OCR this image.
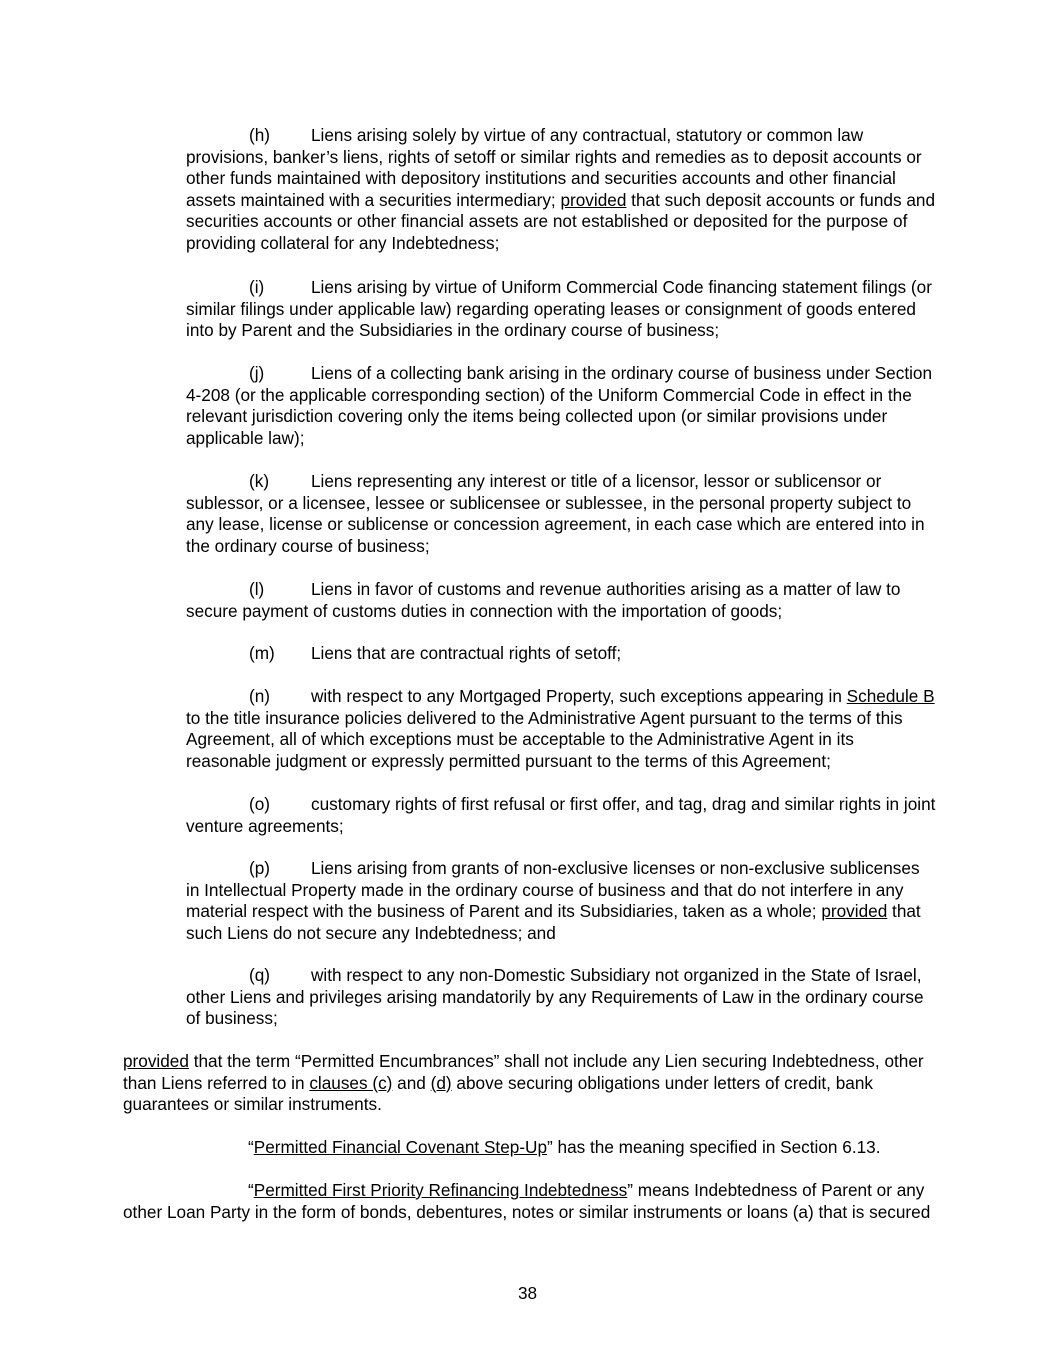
(h) Liens arising solely by virtue of any contractual, statutory or common law provisions, banker’s liens, rights of setoff or similar rights and remedies as to deposit accounts or other funds maintained with depository institutions and securities accounts and other financial assets maintained with a securities intermediary; provided that such deposit accounts or funds and securities accounts or other financial assets are not established or deposited for the purpose of providing collateral for any Indebtedness;

(i)	Liens arising by virtue of Uniform Commercial Code financing statement filings (or similar filings under applicable law) regarding operating leases or consignment of goods entered into by Parent and the Subsidiaries in the ordinary course of business;

(j)	Liens of a collecting bank arising in the ordinary course of business under Section 4-208 (or the applicable corresponding section) of the Uniform Commercial Code in effect in the relevant jurisdiction covering only the items being collected upon (or similar provisions under applicable law);

(k) Liens representing any interest or title of a licensor, lessor or sublicensor or sublessor, or a licensee, lessee or sublicensee or sublessee, in the personal property subject to any lease, license or sublicense or concession agreement, in each case which are entered into in the ordinary course of business;

(l)	Liens in favor of customs and revenue authorities arising as a matter of law to secure payment of customs duties in connection with the importation of goods;

(m) Liens that are contractual rights of setoff;

(n) with respect to any Mortgaged Property, such exceptions appearing in Schedule B to the title insurance policies delivered to the Administrative Agent pursuant to the terms of this Agreement, all of which exceptions must be acceptable to the Administrative Agent in its reasonable judgment or expressly permitted pursuant to the terms of this Agreement;

(o) customary rights of first refusal or first offer, and tag, drag and similar rights in joint venture agreements;

(p) Liens arising from grants of non-exclusive licenses or non-exclusive sublicenses in Intellectual Property made in the ordinary course of business and that do not interfere in any material respect with the business of Parent and its Subsidiaries, taken as a whole; provided that such Liens do not secure any Indebtedness; and

(q) with respect to any non-Domestic Subsidiary not organized in the State of Israel, other Liens and privileges arising mandatorily by any Requirements of Law in the ordinary course of business;

provided that the term “Permitted Encumbrances” shall not include any Lien securing Indebtedness, other than Liens referred to in clauses (c) and (d) above securing obligations under letters of credit, bank guarantees or similar instruments.

“Permitted Financial Covenant Step-Up” has the meaning specified in Section 6.13.

“Permitted First Priority Refinancing Indebtedness” means Indebtedness of Parent or any other Loan Party in the form of bonds, debentures, notes or similar instruments or loans (a) that is secured

38
